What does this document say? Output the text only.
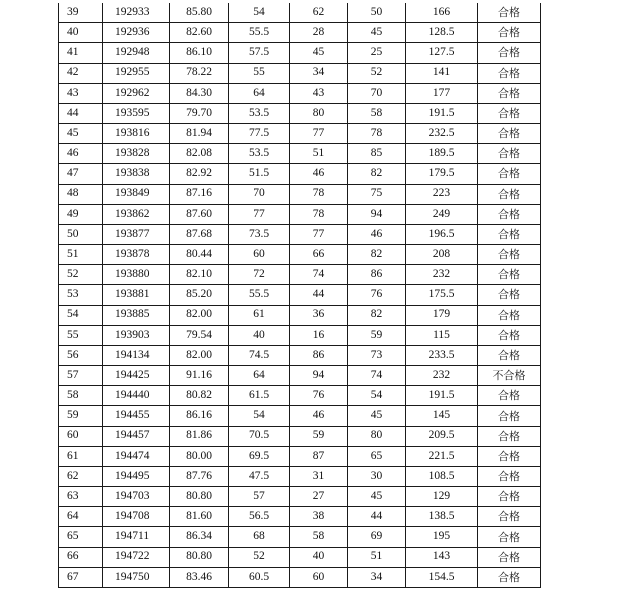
39	192933	85.80	54	62	50	166	合格
40	192936	82.60	55.5	28	45	128.5	合格
41	192948	86.10	57.5	45	25	127.5	合格
42	192955	78.22	55	34	52	141	合格
43	192962	84.30	64	43	70	177	合格
44	193595	79.70	53.5	80	58	191.5	合格
45	193816	81.94	77.5	77	78	232.5	合格
46	193828	82.08	53.5	51	85	189.5	合格
47	193838	82.92	51.5	46	82	179.5	合格
48	193849	87.16	70	78	75	223	合格
49	193862	87.60	77	78	94	249	合格
50	193877	87.68	73.5	77	46	196.5	合格
51	193878	80.44	60	66	82	208	合格
52	193880	82.10	72	74	86	232	合格
53	193881	85.20	55.5	44	76	175.5	合格
54	193885	82.00	61	36	82	179	合格
55	193903	79.54	40	16	59	115	合格
56	194134	82.00	74.5	86	73	233.5	合格
57	194425	91.16	64	94	74	232	不合格
58	194440	80.82	61.5	76	54	191.5	合格
59	194455	86.16	54	46	45	145	合格
60	194457	81.86	70.5	59	80	209.5	合格
61	194474	80.00	69.5	87	65	221.5	合格
62	194495	87.76	47.5	31	30	108.5	合格
63	194703	80.80	57	27	45	129	合格
64	194708	81.60	56.5	38	44	138.5	合格
65	194711	86.34	68	58	69	195	合格
66	194722	80.80	52	40	51	143	合格
67	194750	83.46	60.5	60	34	154.5	合格
